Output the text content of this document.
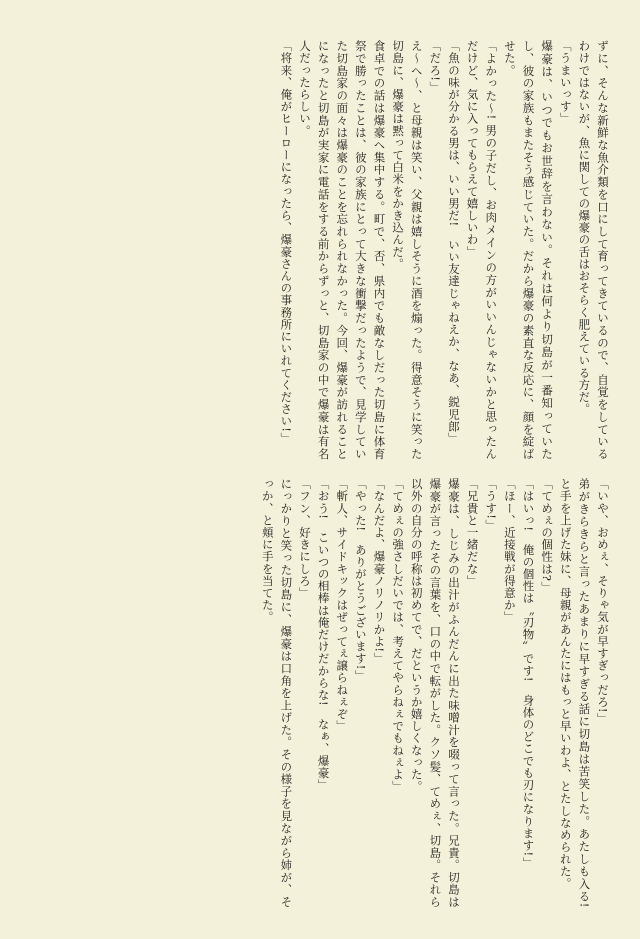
ずに、そんな新鮮な魚介類を口にして育ってきているので、自覚をしているわけではないが、魚に関しての爆豪の舌はおそらく肥えている方だ。

「うまいっす」

爆豪は、いつでもお世辞を言わない。それは何より切島が一番知っていたし、彼の家族もまたそう感じていた。だから爆豪の素直な反応に、顔を綻ばせた。

「よかった～! 男の子だし、お肉メインの方がいいんじゃないかと思ったんだけど、気に入ってもらえて嬉しいわ」

「魚の味が分かる男は、いい男だ!　いい友達じゃねえか、なあ、鋭児郎」

「だろ!」

え～へ～、と母親は笑い、父親は嬉しそうに酒を煽った。得意そうに笑った切島に、爆豪は黙って白米をかき込んだ。

食卓での話は爆豪へ集中する。町で、否、県内でも敵なしだった切島に体育祭で勝ったことは、彼の家族にとって大きな衝撃だったようで、見学していた切島家の面々は爆豪のことを忘れられなかった。今回、爆豪が訪れることになったと切島が実家に電話をする前からずっと、切島家の中で爆豪は有名人だったらしい。

「将来、俺がヒーローになったら、爆豪さんの事務所にいれてください!」

「いや、おめぇ、そりゃ気が早すぎっだろ!」

弟がきらきらと言ったあまりに早すぎる話に切島は苦笑した。あたしも入る!　と手を上げた妹に、母親があんたにはもっと早いわよ、とたしなめられた。

「てめぇの個性は?」

「はいっ!　俺の個性は〝刃物〟です!　身体のどこでも刃になります!」

「ほー、近接戦が得意か」

「うす!」

「兄貴と一緒だな」

爆豪は、しじみの出汁がふんだんに出た味噌汁を啜って言った。兄貴。切島は爆豪が言ったその言葉を、口の中で転がした。クソ髪、てめぇ、切島。それら以外の自分の呼称は初めてで、だというか嬉しくなった。

「てめぇの強さしだいでは、考えてやらねぇでもねぇよ」

「なんだよ、爆豪ノリノリかよ!」

「やった!　ありがとうございます!」

「斬人、サイドキックはぜってぇ譲らねぇぞ」

「おう!　こいつの相棒は俺だけだからな!　なぁ、爆豪」

「フン、好きにしろ」

にっかりと笑った切島に、爆豪は口角を上げた。その様子を見ながら姉が、そっか、と頬に手を当てた。
